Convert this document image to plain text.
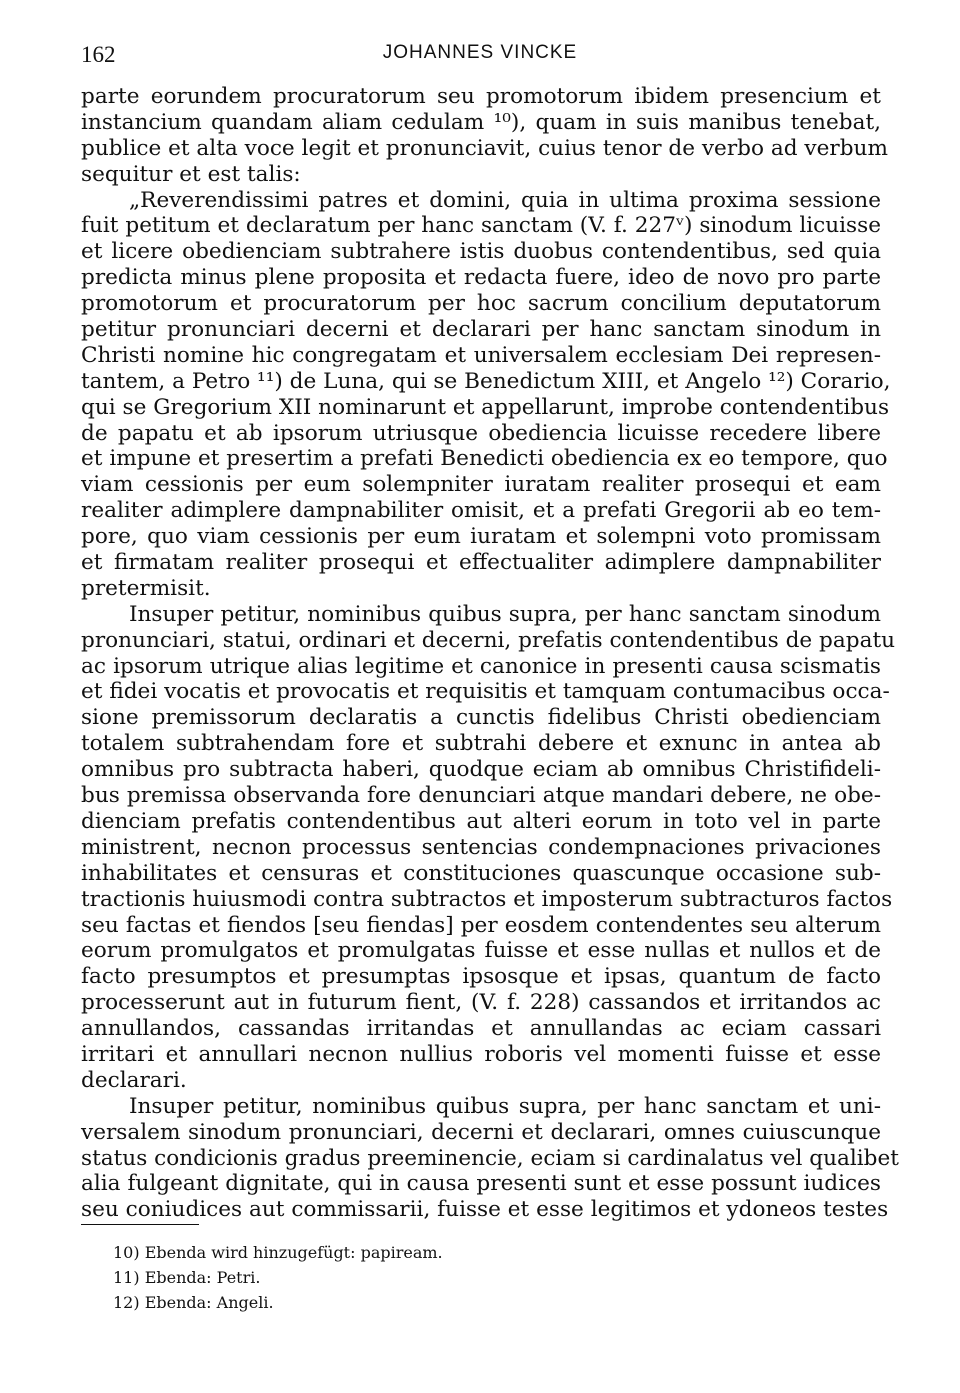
162	JOHANNES VINCKE
parte eorundem procuratorum seu promotorum ibidem presencium et
instancium quandam aliam cedulam ¹⁰), quam in suis manibus tenebat,
publice et alta voce legit et pronunciavit, cuius tenor de verbo ad verbum
sequitur et est talis:
„Reverendissimi patres et domini, quia in ultima proxima sessione
fuit petitum et declaratum per hanc sanctam (V. f. 227ᵛ) sinodum licuisse
et licere obedienciam subtrahere istis duobus contendentibus, sed quia
predicta minus plene proposita et redacta fuere, ideo de novo pro parte
promotorum et procuratorum per hoc sacrum concilium deputatorum
petitur pronunciari decerni et declarari per hanc sanctam sinodum in
Christi nomine hic congregatam et universalem ecclesiam Dei represen-
tantem, a Petro ¹¹) de Luna, qui se Benedictum XIII, et Angelo ¹²) Corario,
qui se Gregorium XII nominarunt et appellarunt, improbe contendentibus
de papatu et ab ipsorum utriusque obediencia licuisse recedere libere
et impune et presertim a prefati Benedicti obediencia ex eo tempore, quo
viam cessionis per eum solempniter iuratam realiter prosequi et eam
realiter adimplere dampnabiliter omisit, et a prefati Gregorii ab eo tem-
pore, quo viam cessionis per eum iuratam et solempni voto promissam
et firmatam realiter prosequi et effectualiter adimplere dampnabiliter
pretermisit.
Insuper petitur, nominibus quibus supra, per hanc sanctam sinodum
pronunciari, statui, ordinari et decerni, prefatis contendentibus de papatu
ac ipsorum utrique alias legitime et canonice in presenti causa scismatis
et fidei vocatis et provocatis et requisitis et tamquam contumacibus occa-
sione premissorum declaratis a cunctis fidelibus Christi obedienciam
totalem subtrahendam fore et subtrahi debere et exnunc in antea ab
omnibus pro subtracta haberi, quodque eciam ab omnibus Christifideli-
bus premissa observanda fore denunciari atque mandari debere, ne obe-
dienciam prefatis contendentibus aut alteri eorum in toto vel in parte
ministrent, necnon processus sentencias condempnaciones privaciones
inhabilitates et censuras et constituciones quascunque occasione sub-
tractionis huiusmodi contra subtractos et imposterum subtracturos factos
seu factas et fiendos [seu fiendas] per eosdem contendentes seu alterum
eorum promulgatos et promulgatas fuisse et esse nullas et nullos et de
facto presumptos et presumptas ipsosque et ipsas, quantum de facto
processerunt aut in futurum fient, (V. f. 228) cassandos et irritandos ac
annullandos, cassandas irritandas et annullandas ac eciam cassari
irritari et annullari necnon nullius roboris vel momenti fuisse et esse
declarari.
Insuper petitur, nominibus quibus supra, per hanc sanctam et uni-
versalem sinodum pronunciari, decerni et declarari, omnes cuiuscunque
status condicionis gradus preeminencie, eciam si cardinalatus vel qualibet
alia fulgeant dignitate, qui in causa presenti sunt et esse possunt iudices
seu coniudices aut commissarii, fuisse et esse legitimos et ydoneos testes
10) Ebenda wird hinzugefügt: papiream.
11) Ebenda: Petri.
12) Ebenda: Angeli.
